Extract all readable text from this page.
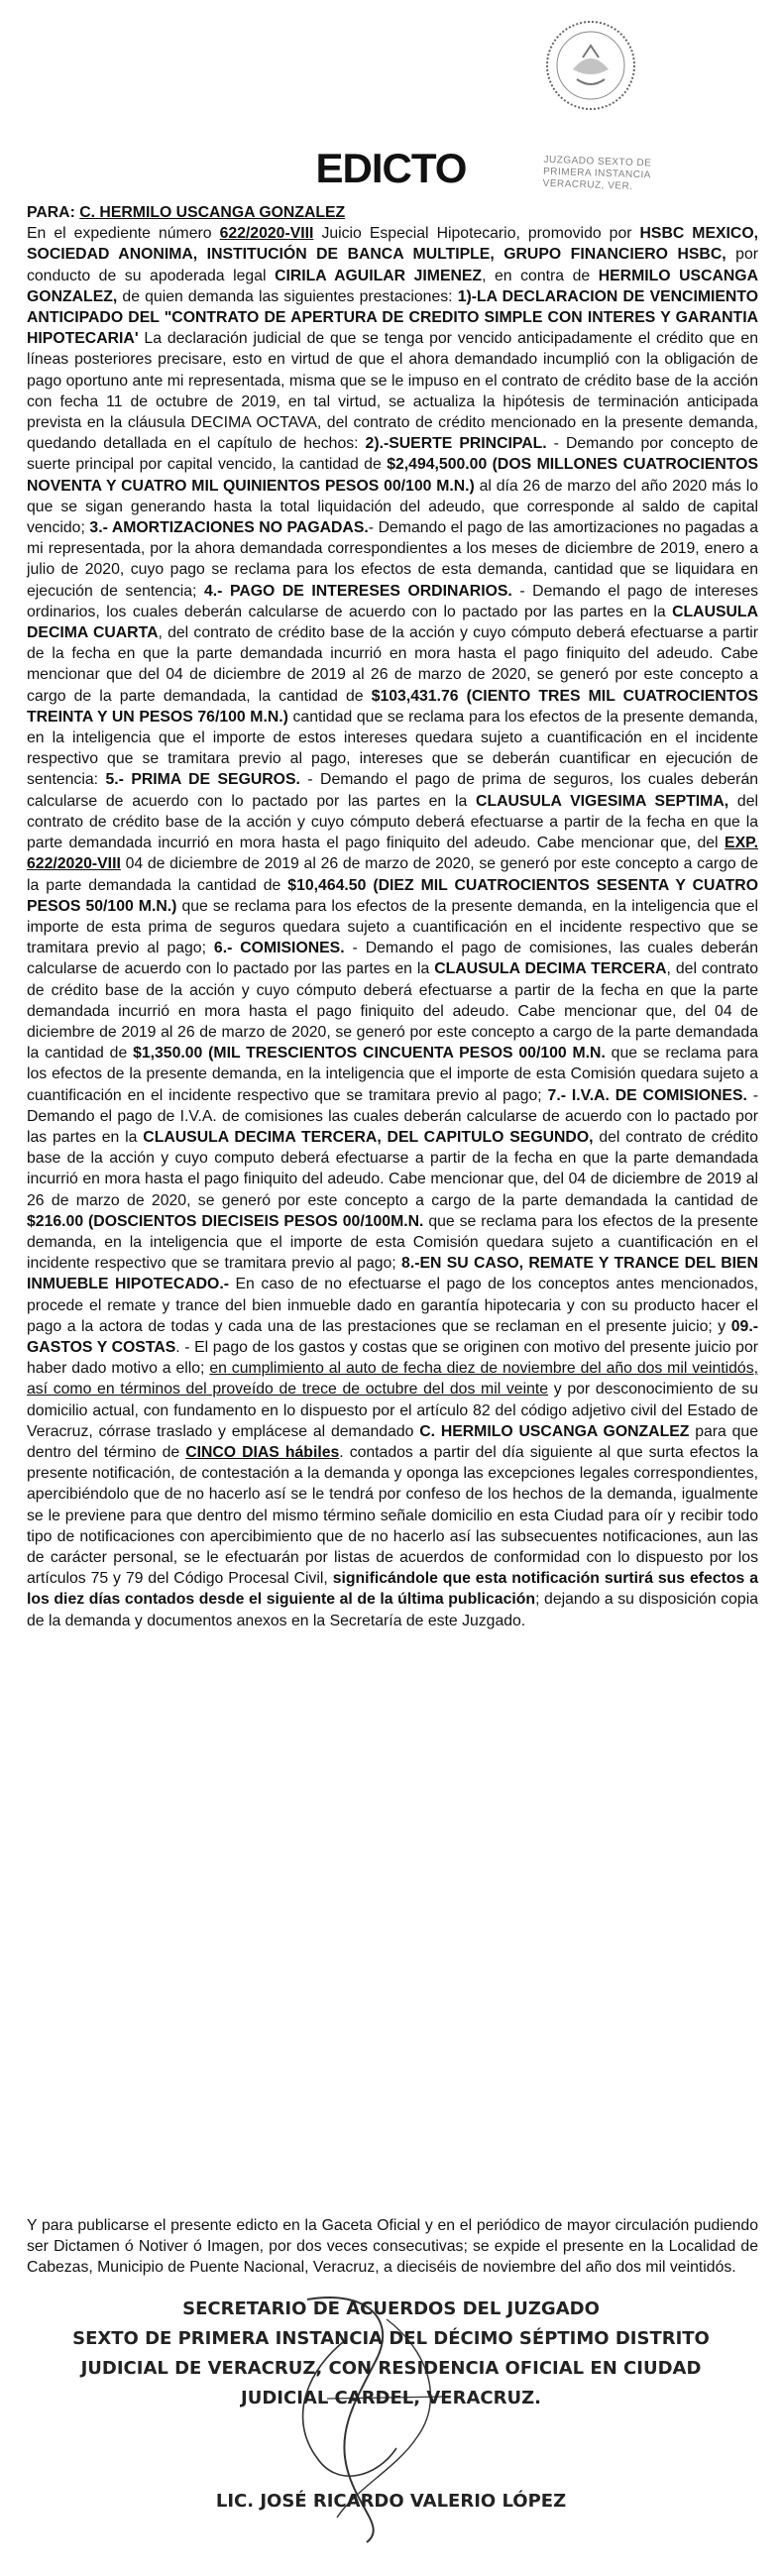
JUZGADO SEXTO DE
PRIMERA INSTANCIA
VERACRUZ, VER.
EDICTO

PARA: C. HERMILO USCANGA GONZALEZ

En el expediente número 622/2020-VIII Juicio Especial Hipotecario, promovido por HSBC MEXICO, SOCIEDAD ANONIMA, INSTITUCIÓN DE BANCA MULTIPLE, GRUPO FINANCIERO HSBC, por conducto de su apoderada legal CIRILA AGUILAR JIMENEZ, en contra de HERMILO USCANGA GONZALEZ, de quien demanda las siguientes prestaciones: 1)-LA DECLARACION DE VENCIMIENTO ANTICIPADO DEL "CONTRATO DE APERTURA DE CREDITO SIMPLE CON INTERES Y GARANTIA HIPOTECARIA' La declaración judicial de que se tenga por vencido anticipadamente el crédito que en líneas posteriores precisare, esto en virtud de que el ahora demandado incumplió con la obligación de pago oportuno ante mi representada, misma que se le impuso en el contrato de crédito base de la acción con fecha 11 de octubre de 2019, en tal virtud, se actualiza la hipótesis de terminación anticipada prevista en la cláusula DECIMA OCTAVA, del contrato de crédito mencionado en la presente demanda, quedando detallada en el capítulo de hechos: 2).-SUERTE PRINCIPAL. - Demando por concepto de suerte principal por capital vencido, la cantidad de $2,494,500.00 (DOS MILLONES CUATROCIENTOS NOVENTA Y CUATRO MIL QUINIENTOS PESOS 00/100 M.N.) al día 26 de marzo del año 2020 más lo que se sigan generando hasta la total liquidación del adeudo, que corresponde al saldo de capital vencido; 3.- AMORTIZACIONES NO PAGADAS.- Demando el pago de las amortizaciones no pagadas a mi representada, por la ahora demandada correspondientes a los meses de diciembre de 2019, enero a julio de 2020, cuyo pago se reclama para los efectos de esta demanda, cantidad que se liquidara en ejecución de sentencia; 4.- PAGO DE INTERESES ORDINARIOS. - Demando el pago de intereses ordinarios, los cuales deberán calcularse de acuerdo con lo pactado por las partes en la CLAUSULA DECIMA CUARTA, del contrato de crédito base de la acción y cuyo cómputo deberá efectuarse a partir de la fecha en que la parte demandada incurrió en mora hasta el pago finiquito del adeudo. Cabe mencionar que del 04 de diciembre de 2019 al 26 de marzo de 2020, se generó por este concepto a cargo de la parte demandada, la cantidad de $103,431.76 (CIENTO TRES MIL CUATROCIENTOS TREINTA Y UN PESOS 76/100 M.N.) cantidad que se reclama para los efectos de la presente demanda, en la inteligencia que el importe de estos intereses quedara sujeto a cuantificación en el incidente respectivo que se tramitara previo al pago, intereses que se deberán cuantificar en ejecución de sentencia: 5.- PRIMA DE SEGUROS. - Demando el pago de prima de seguros, los cuales deberán calcularse de acuerdo con lo pactado por las partes en la CLAUSULA VIGESIMA SEPTIMA, del contrato de crédito base de la acción y cuyo cómputo deberá efectuarse a partir de la fecha en que la parte demandada incurrió en mora hasta el pago finiquito del adeudo. Cabe mencionar que, del EXP. 622/2020-VIII 04 de diciembre de 2019 al 26 de marzo de 2020, se generó por este concepto a cargo de la parte demandada la cantidad de $10,464.50 (DIEZ MIL CUATROCIENTOS SESENTA Y CUATRO PESOS 50/100 M.N.) que se reclama para los efectos de la presente demanda, en la inteligencia que el importe de esta prima de seguros quedara sujeto a cuantificación en el incidente respectivo que se tramitara previo al pago; 6.- COMISIONES. - Demando el pago de comisiones, las cuales deberán calcularse de acuerdo con lo pactado por las partes en la CLAUSULA DECIMA TERCERA, del contrato de crédito base de la acción y cuyo cómputo deberá efectuarse a partir de la fecha en que la parte demandada incurrió en mora hasta el pago finiquito del adeudo. Cabe mencionar que, del 04 de diciembre de 2019 al 26 de marzo de 2020, se generó por este concepto a cargo de la parte demandada la cantidad de $1,350.00 (MIL TRESCIENTOS CINCUENTA PESOS 00/100 M.N. que se reclama para los efectos de la presente demanda, en la inteligencia que el importe de esta Comisión quedara sujeto a cuantificación en el incidente respectivo que se tramitara previo al pago; 7.- I.V.A. DE COMISIONES. - Demando el pago de I.V.A. de comisiones las cuales deberán calcularse de acuerdo con lo pactado por las partes en la CLAUSULA DECIMA TERCERA, DEL CAPITULO SEGUNDO, del contrato de crédito base de la acción y cuyo computo deberá efectuarse a partir de la fecha en que la parte demandada incurrió en mora hasta el pago finiquito del adeudo. Cabe mencionar que, del 04 de diciembre de 2019 al 26 de marzo de 2020, se generó por este concepto a cargo de la parte demandada la cantidad de $216.00 (DOSCIENTOS DIECISEIS PESOS 00/100M.N. que se reclama para los efectos de la presente demanda, en la inteligencia que el importe de esta Comisión quedara sujeto a cuantificación en el incidente respectivo que se tramitara previo al pago; 8.-EN SU CASO, REMATE Y TRANCE DEL BIEN INMUEBLE HIPOTECADO.- En caso de no efectuarse el pago de los conceptos antes mencionados, procede el remate y trance del bien inmueble dado en garantía hipotecaria y con su producto hacer el pago a la actora de todas y cada una de las prestaciones que se reclaman en el presente juicio; y 09.- GASTOS Y COSTAS. - El pago de los gastos y costas que se originen con motivo del presente juicio por haber dado motivo a ello; en cumplimiento al auto de fecha diez de noviembre del año dos mil veintidós, así como en términos del proveído de trece de octubre del dos mil veinte y por desconocimiento de su domicilio actual, con fundamento en lo dispuesto por el artículo 82 del código adjetivo civil del Estado de Veracruz, córrase traslado y emplácese al demandado C. HERMILO USCANGA GONZALEZ para que dentro del término de CINCO DIAS hábiles. contados a partir del día siguiente al que surta efectos la presente notificación, de contestación a la demanda y oponga las excepciones legales correspondientes, apercibiéndolo que de no hacerlo así se le tendrá por confeso de los hechos de la demanda, igualmente se le previene para que dentro del mismo término señale domicilio en esta Ciudad para oír y recibir todo tipo de notificaciones con apercibimiento que de no hacerlo así las subsecuentes notificaciones, aun las de carácter personal, se le efectuarán por listas de acuerdos de conformidad con lo dispuesto por los artículos 75 y 79 del Código Procesal Civil, significándole que esta notificación surtirá sus efectos a los diez días contados desde el siguiente al de la última publicación; dejando a su disposición copia de la demanda y documentos anexos en la Secretaría de este Juzgado.

Y para publicarse el presente edicto en la Gaceta Oficial y en el periódico de mayor circulación pudiendo ser Dictamen ó Notiver ó Imagen, por dos veces consecutivas; se expide el presente en la Localidad de Cabezas, Municipio de Puente Nacional, Veracruz, a dieciséis de noviembre del año dos mil veintidós.
SECRETARIO DE ACUERDOS DEL JUZGADO
SEXTO DE PRIMERA INSTANCIA DEL DÉCIMO SÉPTIMO DISTRITO
JUDICIAL DE VERACRUZ, CON RESIDENCIA OFICIAL EN CIUDAD
JUDICIAL CARDEL, VERACRUZ.
LIC. JOSÉ RICARDO VALERIO LÓPEZ
